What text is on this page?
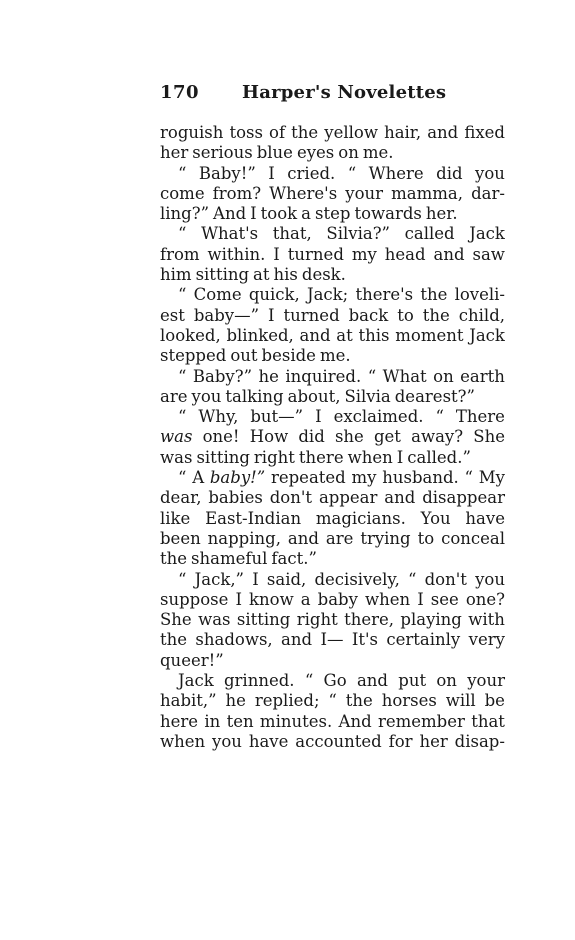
170 Harper's Novelettes
roguish toss of the yellow hair, and fixed
her serious blue eyes on me.
“ Baby!” I cried. “ Where did you
come from? Where's your mamma, dar-
ling?” And I took a step towards her.
“ What's that, Silvia?” called Jack
from within. I turned my head and saw
him sitting at his desk.
“ Come quick, Jack; there's the loveli-
est baby—” I turned back to the child,
looked, blinked, and at this moment Jack
stepped out beside me.
“ Baby?” he inquired. “ What on earth
are you talking about, Silvia dearest?”
“ Why, but—” I exclaimed. “ There
was one! How did she get away? She
was sitting right there when I called.”
“ A baby!” repeated my husband. “ My
dear, babies don't appear and disappear
like East-Indian magicians. You have
been napping, and are trying to conceal
the shameful fact.”
“ Jack,” I said, decisively, “ don't you
suppose I know a baby when I see one?
She was sitting right there, playing with
the shadows, and I— It's certainly very
queer!”
Jack grinned. “ Go and put on your
habit,” he replied; “ the horses will be
here in ten minutes. And remember that
when you have accounted for her disap-
